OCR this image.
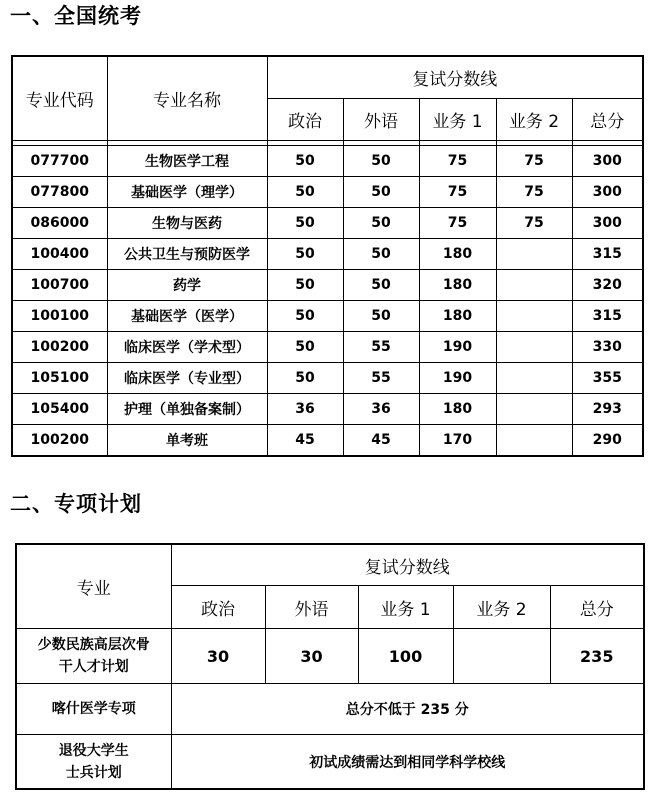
一、全国统考
专业代码	专业名称	复试分数线				
		政治	外语	业务 1	业务 2	总分

077700	生物医学工程	50	50	75	75	300
077800	基础医学（理学）	50	50	75	75	300
086000	生物与医药	50	50	75	75	300
100400	公共卫生与预防医学	50	50	180		315
100700	药学	50	50	180		320
100100	基础医学（医学）	50	50	180		315
100200	临床医学（学术型）	50	55	190		330
105100	临床医学（专业型）	50	55	190		355
105400	护理（单独备案制）	36	36	180		293
100200	单考班	45	45	170		290
二、专项计划
专业	复试分数线				
	政治	外语	业务 1	业务 2	总分

少数民族高层次骨
干人才计划	30	30	100		235
喀什医学专项	总分不低于 235 分				

退役大学生
士兵计划	初试成绩需达到相同学科学校线				
